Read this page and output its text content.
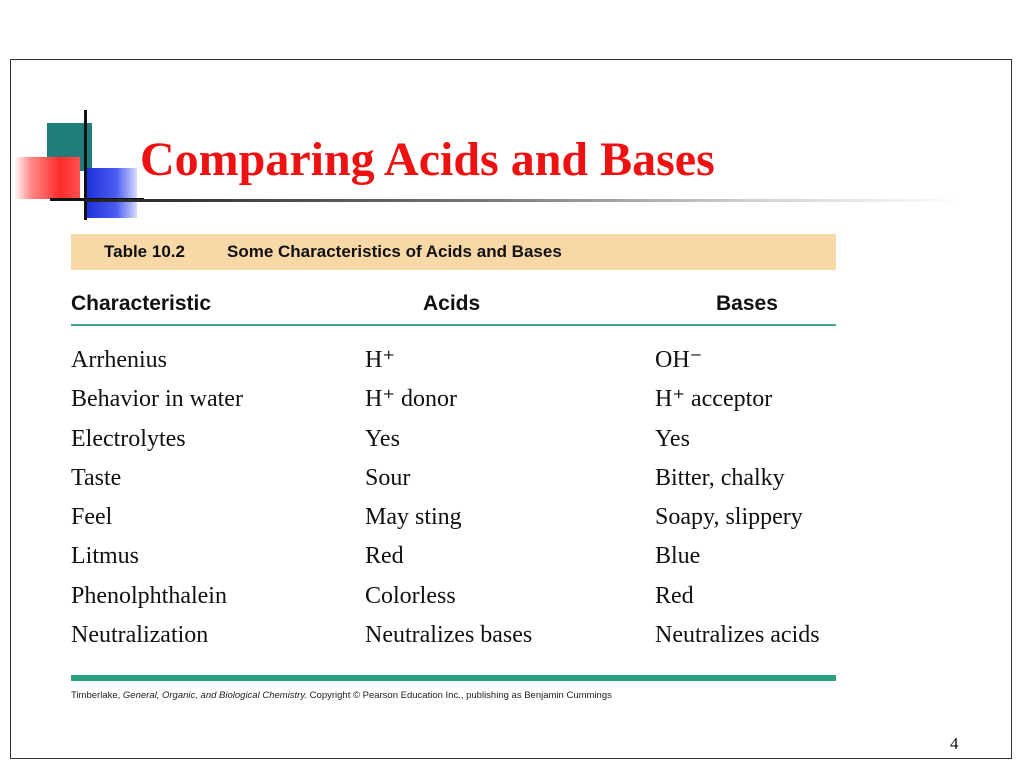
Comparing Acids and Bases
Table 10.2 Some Characteristics of Acids and Bases
Characteristic	Acids	Bases
Arrhenius	H⁺	OH⁻
Behavior in water	H⁺ donor	H⁺ acceptor
Electrolytes	Yes	Yes
Taste	Sour	Bitter, chalky
Feel	May sting	Soapy, slippery
Litmus	Red	Blue
Phenolphthalein	Colorless	Red
Neutralization	Neutralizes bases	Neutralizes acids
Timberlake, General, Organic, and Biological Chemistry. Copyright © Pearson Education Inc., publishing as Benjamin Cummings
4
